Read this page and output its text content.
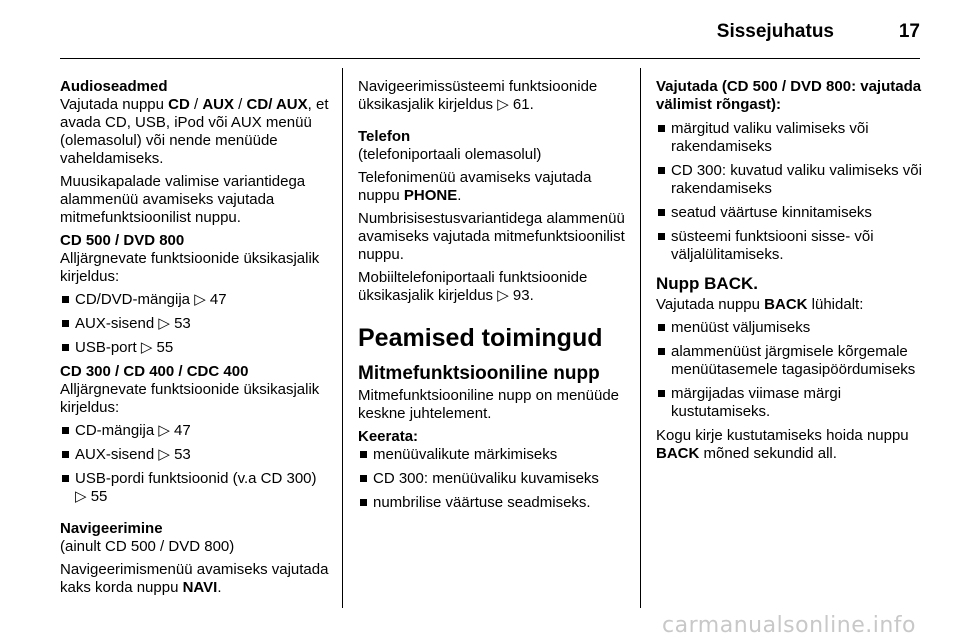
Sissejuhatus	17
Audioseadmed

Vajutada nuppu CD / AUX / CD/ AUX, et avada CD, USB, iPod või AUX menüü (olemasolul) või nende menüüde vaheldamiseks.

Muusikapalade valimise variantidega alammenüü avamiseks vajutada mitmefunktsioonilist nuppu.

CD 500 / DVD 800

Alljärgnevate funktsioonide üksikasjalik kirjeldus:

CD/DVD-mängija ▷ 47
AUX-sisend ▷ 53
USB-port ▷ 55
CD 300 / CD 400 / CDC 400

Alljärgnevate funktsioonide üksikasjalik kirjeldus:

CD-mängija ▷ 47
AUX-sisend ▷ 53
USB-pordi funktsioonid (v.a CD 300) ▷ 55
Navigeerimine

(ainult CD 500 / DVD 800)

Navigeerimismenüü avamiseks vajutada kaks korda nuppu NAVI.

Navigeerimissüsteemi funktsioonide üksikasjalik kirjeldus ▷ 61.

Telefon

(telefoniportaali olemasolul)

Telefonimenüü avamiseks vajutada nuppu PHONE.

Numbrisisestusvariantidega alammenüü avamiseks vajutada mitmefunktsioonilist nuppu.

Mobiiltelefoniportaali funktsioonide üksikasjalik kirjeldus ▷ 93.

Peamised toimingud
Mitmefunktsiooniline nupp

Mitmefunktsiooniline nupp on menüüde keskne juhtelement.

Keerata:
menüüvalikute märkimiseks
CD 300: menüüvaliku kuvamiseks
numbrilise väärtuse seadmiseks.
Vajutada (CD 500 / DVD 800: vajutada välimist rõngast):
märgitud valiku valimiseks või rakendamiseks
CD 300: kuvatud valiku valimiseks või rakendamiseks
seatud väärtuse kinnitamiseks
süsteemi funktsiooni sisse- või väljalülitamiseks.
Nupp BACK.

Vajutada nuppu BACK lühidalt:

menüüst väljumiseks
alammenüüst järgmisele kõrgemale menüütasemele tagasipöördumiseks
märgijadas viimase märgi kustutamiseks.

Kogu kirje kustutamiseks hoida nuppu BACK mõned sekundid all.

carmanualsonline.info
